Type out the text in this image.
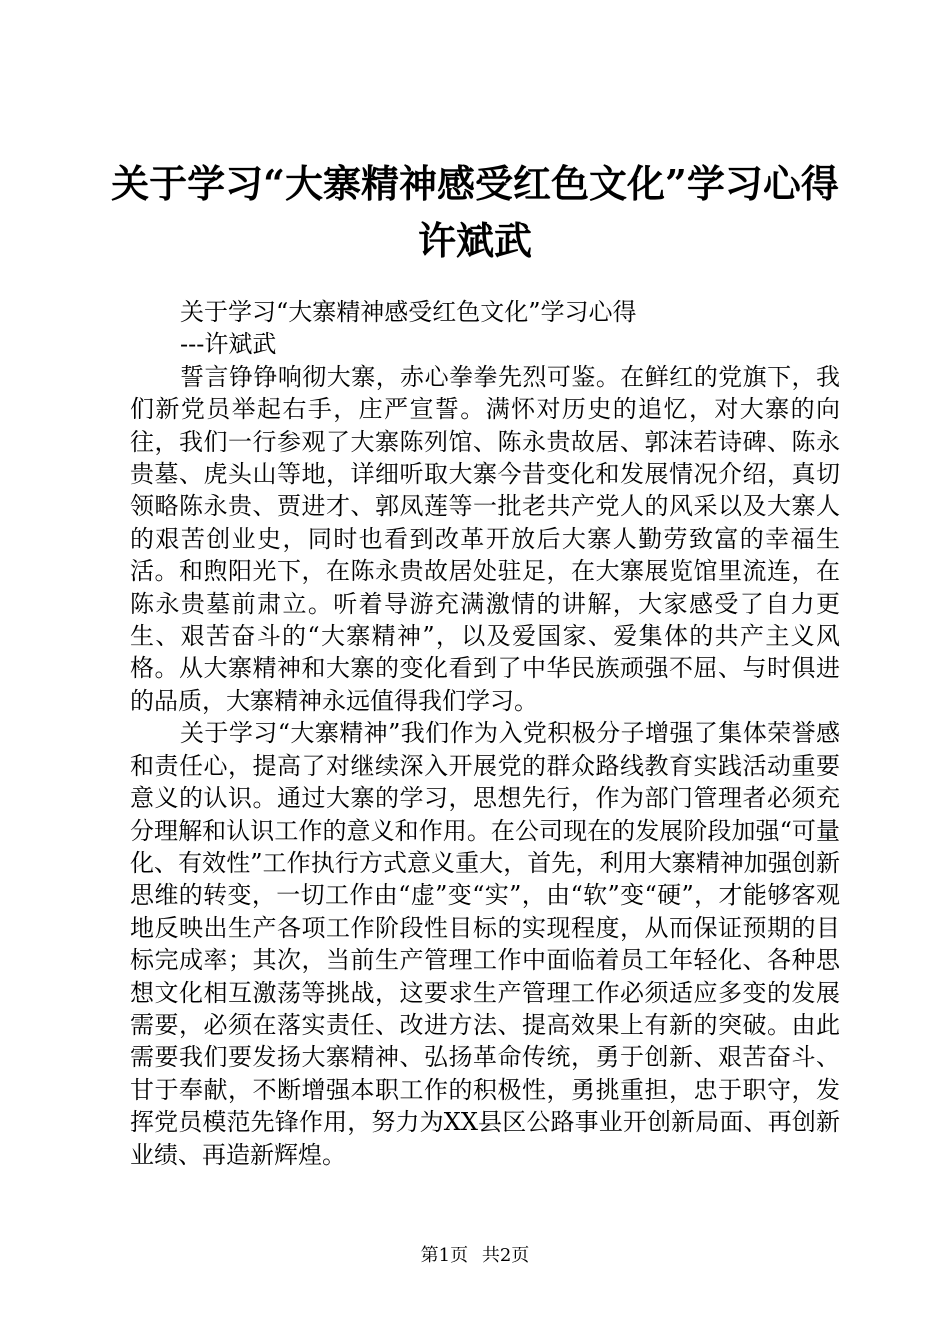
关于学习“大寨精神感受红色文化”学习心得
许斌武

关于学习“大寨精神感受红色文化”学习心得

---许斌武

誓言铮铮响彻大寨，赤心拳拳先烈可鉴。在鲜红的党旗下，我们新党员举起右手，庄严宣誓。满怀对历史的追忆，对大寨的向往，我们一行参观了大寨陈列馆、陈永贵故居、郭沫若诗碑、陈永贵墓、虎头山等地，详细听取大寨今昔变化和发展情况介绍，真切领略陈永贵、贾进才、郭凤莲等一批老共产党人的风采以及大寨人的艰苦创业史，同时也看到改革开放后大寨人勤劳致富的幸福生活。和煦阳光下，在陈永贵故居处驻足，在大寨展览馆里流连，在陈永贵墓前肃立。听着导游充满激情的讲解，大家感受了自力更生、艰苦奋斗的“大寨精神”，以及爱国家、爱集体的共产主义风格。从大寨精神和大寨的变化看到了中华民族顽强不屈、与时俱进的品质，大寨精神永远值得我们学习。

关于学习“大寨精神”我们作为入党积极分子增强了集体荣誉感和责任心，提高了对继续深入开展党的群众路线教育实践活动重要意义的认识。通过大寨的学习，思想先行，作为部门管理者必须充分理解和认识工作的意义和作用。在公司现在的发展阶段加强“可量化、有效性”工作执行方式意义重大，首先，利用大寨精神加强创新思维的转变，一切工作由“虚”变“实”，由“软”变“硬”，才能够客观地反映出生产各项工作阶段性目标的实现程度，从而保证预期的目标完成率；其次，当前生产管理工作中面临着员工年轻化、各种思想文化相互激荡等挑战，这要求生产管理工作必须适应多变的发展需要，必须在落实责任、改进方法、提高效果上有新的突破。由此需要我们要发扬大寨精神、弘扬革命传统，勇于创新、艰苦奋斗、甘于奉献，不断增强本职工作的积极性，勇挑重担，忠于职守，发挥党员模范先锋作用，努力为XX县区公路事业开创新局面、再创新业绩、再造新辉煌。

第1页 共2页
